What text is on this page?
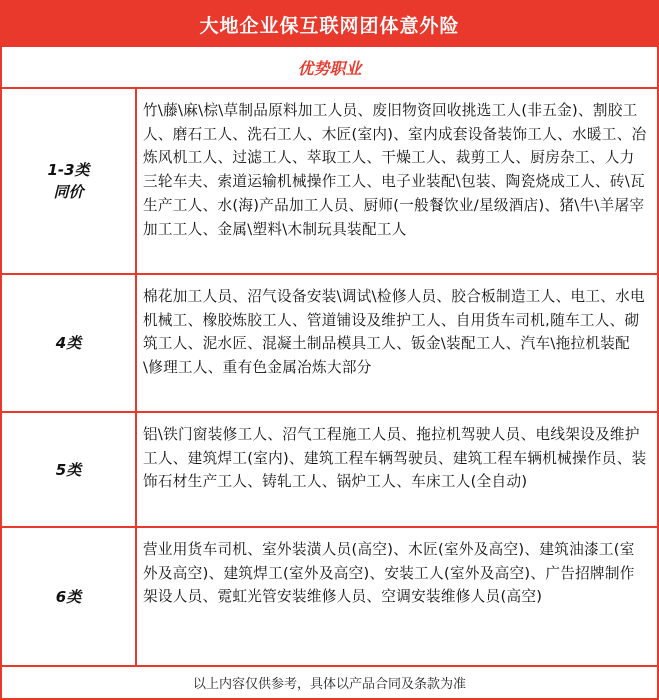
大地企业保互联网团体意外险
优势职业
1-3类
同价
竹\藤\麻\棕\草制品原料加工人员、废旧物资回收挑选工人(非五金)、割胶工人、磨石工人、洗石工人、木匠(室内)、室内成套设备装饰工人、水暖工、冶炼风机工人、过滤工人、萃取工人、干燥工人、裁剪工人、厨房杂工、人力三轮车夫、索道运输机械操作工人、电子业装配\包装、陶瓷烧成工人、砖\瓦生产工人、水(海)产品加工人员、厨师(一般餐饮业/星级酒店)、猪\牛\羊屠宰加工工人、金属\塑料\木制玩具装配工人
4类
棉花加工人员、沼气设备安装\调试\检修人员、胶合板制造工人、电工、水电机械工、橡胶炼胶工人、管道铺设及维护工人、自用货车司机,随车工人、砌筑工人、泥水匠、混凝土制品模具工人、钣金\装配工人、汽车\拖拉机装配\修理工人、重有色金属冶炼大部分
5类
铝\铁门窗装修工人、沼气工程施工人员、拖拉机驾驶人员、电线架设及维护工人、建筑焊工(室内)、建筑工程车辆驾驶员、建筑工程车辆机械操作员、装饰石材生产工人、铸轧工人、锅炉工人、车床工人(全自动)
6类
营业用货车司机、室外装潢人员(高空)、木匠(室外及高空)、建筑油漆工(室外及高空)、建筑焊工(室外及高空)、安装工人(室外及高空)、广告招牌制作架设人员、霓虹光管安装维修人员、空调安装维修人员(高空)
以上内容仅供参考，具体以产品合同及条款为准
